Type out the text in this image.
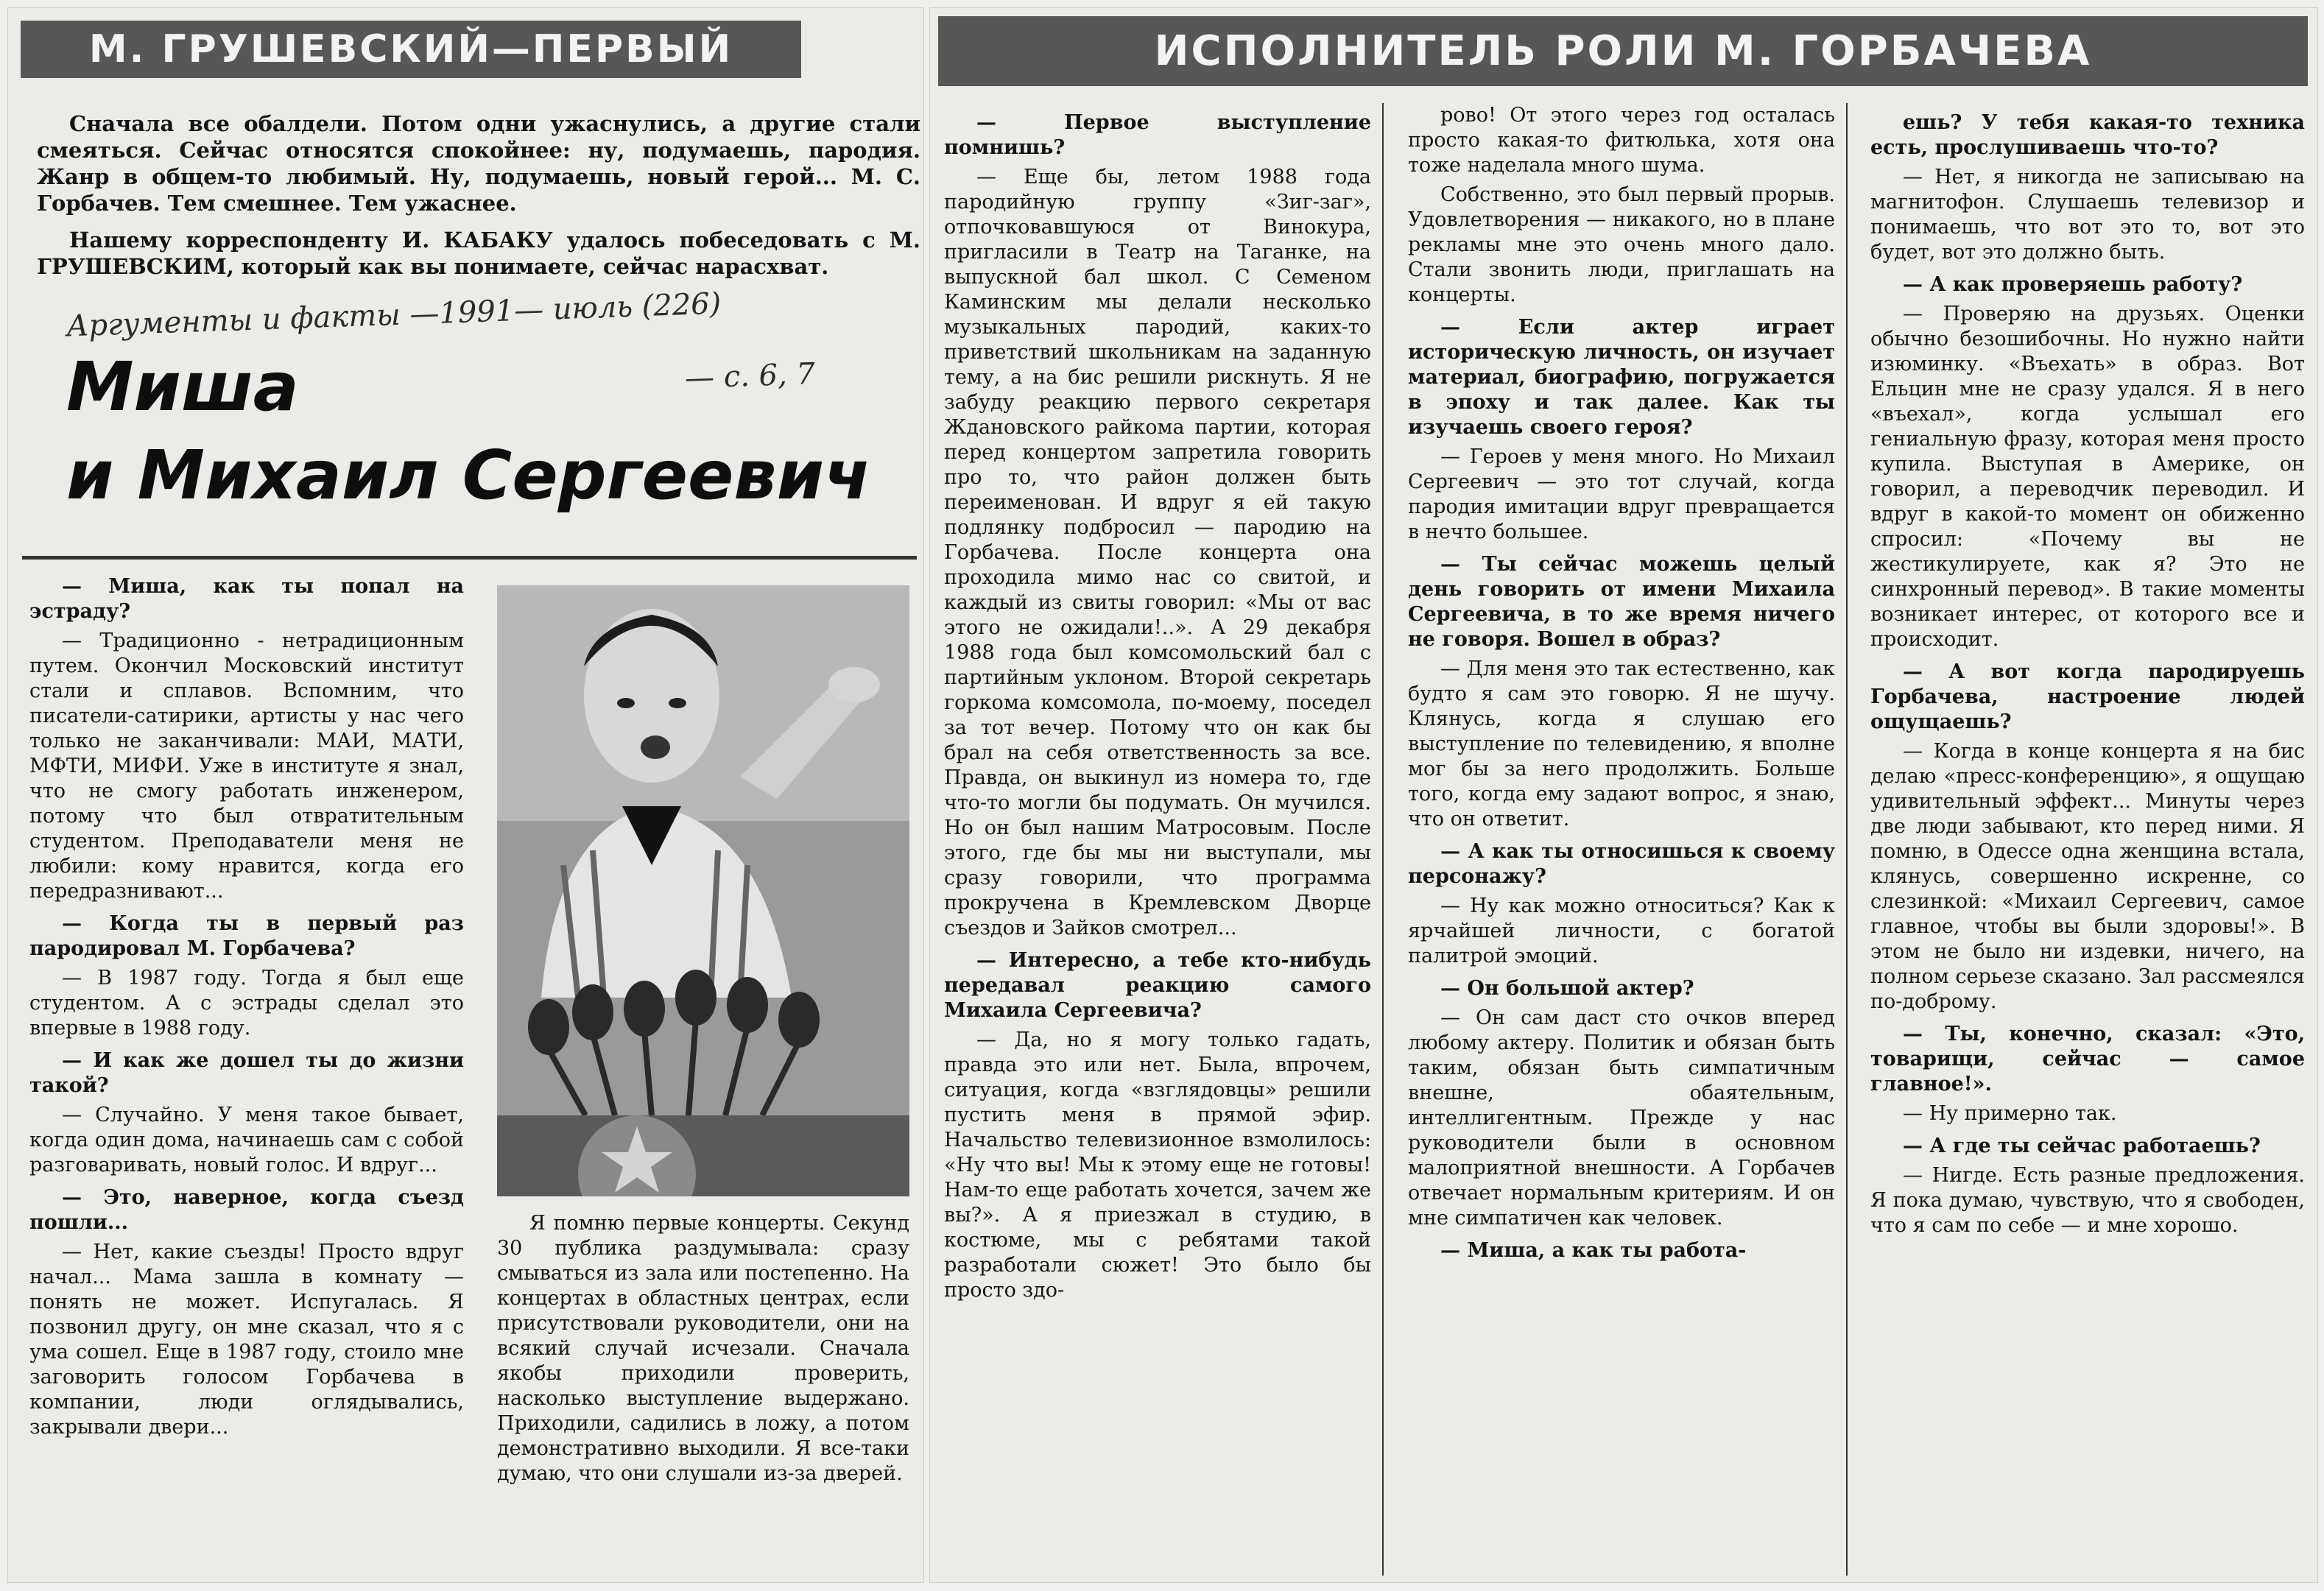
М. ГРУШЕВСКИЙ—ПЕРВЫЙ

Сначала все обалдели. Потом одни ужаснулись, а другие стали смеяться. Сейчас относятся спокойнее: ну, подумаешь, пародия. Жанр в общем-то любимый. Ну, подумаешь, новый герой... М. С. Горбачев. Тем смешнее. Тем ужаснее.

Нашему корреспонденту И. КАБАКУ удалось побеседовать с М. ГРУШЕВСКИМ, который как вы понимаете, сейчас нарасхват.

Аргументы и факты —1991— июль (226)
— с. 6, 7
Миша
и Михаил Сергеевич

— Миша, как ты попал на эстраду?

— Традиционно - нетрадиционным путем. Окончил Московский институт стали и сплавов. Вспомним, что писатели-сатирики, артисты у нас чего только не заканчивали: МАИ, МАТИ, МФТИ, МИФИ. Уже в институте я знал, что не смогу работать инженером, потому что был отвратительным студентом. Преподаватели меня не любили: кому нравится, когда его передразнивают...

— Когда ты в первый раз пародировал М. Горбачева?

— В 1987 году. Тогда я был еще студентом. А с эстрады сделал это впервые в 1988 году.

— И как же дошел ты до жизни такой?

— Случайно. У меня такое бывает, когда один дома, начинаешь сам с собой разговаривать, новый голос. И вдруг...

— Это, наверное, когда съезд пошли...

— Нет, какие съезды! Просто вдруг начал... Мама зашла в комнату — понять не может. Испугалась. Я позвонил другу, он мне сказал, что я с ума сошел. Еще в 1987 году, стоило мне заговорить голосом Горбачева в компании, люди оглядывались, закрывали двери...

Я помню первые концерты. Секунд 30 публика раздумывала: сразу смываться из зала или постепенно. На концертах в областных центрах, если присутствовали руководители, они на всякий случай исчезали. Сначала якобы приходили проверить, насколько выступление выдержано. Приходили, садились в ложу, а потом демонстративно выходили. Я все-таки думаю, что они слушали из-за дверей.

ИСПОЛНИТЕЛЬ РОЛИ М. ГОРБАЧЕВА

— Первое выступление помнишь?

— Еще бы, летом 1988 года пародийную группу «Зиг-заг», отпочковавшуюся от Винокура, пригласили в Театр на Таганке, на выпускной бал школ. С Семеном Каминским мы делали несколько музыкальных пародий, каких-то приветствий школьникам на заданную тему, а на бис решили рискнуть. Я не забуду реакцию первого секретаря Ждановского райкома партии, которая перед концертом запретила говорить про то, что район должен быть переименован. И вдруг я ей такую подлянку подбросил — пародию на Горбачева. После концерта она проходила мимо нас со свитой, и каждый из свиты говорил: «Мы от вас этого не ожидали!..». А 29 декабря 1988 года был комсомольский бал с партийным уклоном. Второй секретарь горкома комсомола, по-моему, поседел за тот вечер. Потому что он как бы брал на себя ответственность за все. Правда, он выкинул из номера то, где что-то могли бы подумать. Он мучился. Но он был нашим Матросовым. После этого, где бы мы ни выступали, мы сразу говорили, что программа прокручена в Кремлевском Дворце съездов и Зайков смотрел...

— Интересно, а тебе кто-нибудь передавал реакцию самого Михаила Сергеевича?

— Да, но я могу только гадать, правда это или нет. Была, впрочем, ситуация, когда «взглядовцы» решили пустить меня в прямой эфир. Начальство телевизионное взмолилось: «Ну что вы! Мы к этому еще не готовы! Нам-то еще работать хочется, зачем же вы?». А я приезжал в студию, в костюме, мы с ребятами такой разработали сюжет! Это было бы просто здо-

рово! От этого через год осталась просто какая-то фитюлька, хотя она тоже наделала много шума.

Собственно, это был первый прорыв. Удовлетворения — никакого, но в плане рекламы мне это очень много дало. Стали звонить люди, приглашать на концерты.

— Если актер играет историческую личность, он изучает материал, биографию, погружается в эпоху и так далее. Как ты изучаешь своего героя?

— Героев у меня много. Но Михаил Сергеевич — это тот случай, когда пародия имитации вдруг превращается в нечто большее.

— Ты сейчас можешь целый день говорить от имени Михаила Сергеевича, в то же время ничего не говоря. Вошел в образ?

— Для меня это так естественно, как будто я сам это говорю. Я не шучу. Клянусь, когда я слушаю его выступление по телевидению, я вполне мог бы за него продолжить. Больше того, когда ему задают вопрос, я знаю, что он ответит.

— А как ты относишься к своему персонажу?

— Ну как можно относиться? Как к ярчайшей личности, с богатой палитрой эмоций.

— Он большой актер?

— Он сам даст сто очков вперед любому актеру. Политик и обязан быть таким, обязан быть симпатичным внешне, обаятельным, интеллигентным. Прежде у нас руководители были в основном малоприятной внешности. А Горбачев отвечает нормальным критериям. И он мне симпатичен как человек.

— Миша, а как ты работа-

ешь? У тебя какая-то техника есть, прослушиваешь что-то?

— Нет, я никогда не записываю на магнитофон. Слушаешь телевизор и понимаешь, что вот это то, вот это будет, вот это должно быть.

— А как проверяешь работу?

— Проверяю на друзьях. Оценки обычно безошибочны. Но нужно найти изюминку. «Въехать» в образ. Вот Ельцин мне не сразу удался. Я в него «въехал», когда услышал его гениальную фразу, которая меня просто купила. Выступая в Америке, он говорил, а переводчик переводил. И вдруг в какой-то момент он обиженно спросил: «Почему вы не жестикулируете, как я? Это не синхронный перевод». В такие моменты возникает интерес, от которого все и происходит.

— А вот когда пародируешь Горбачева, настроение людей ощущаешь?

— Когда в конце концерта я на бис делаю «пресс-конференцию», я ощущаю удивительный эффект... Минуты через две люди забывают, кто перед ними. Я помню, в Одессе одна женщина встала, клянусь, совершенно искренне, со слезинкой: «Михаил Сергеевич, самое главное, чтобы вы были здоровы!». В этом не было ни издевки, ничего, на полном серьезе сказано. Зал рассмеялся по-доброму.

— Ты, конечно, сказал: «Это, товарищи, сейчас — самое главное!».

— Ну примерно так.

— А где ты сейчас работаешь?

— Нигде. Есть разные предложения. Я пока думаю, чувствую, что я свободен, что я сам по себе — и мне хорошо.
